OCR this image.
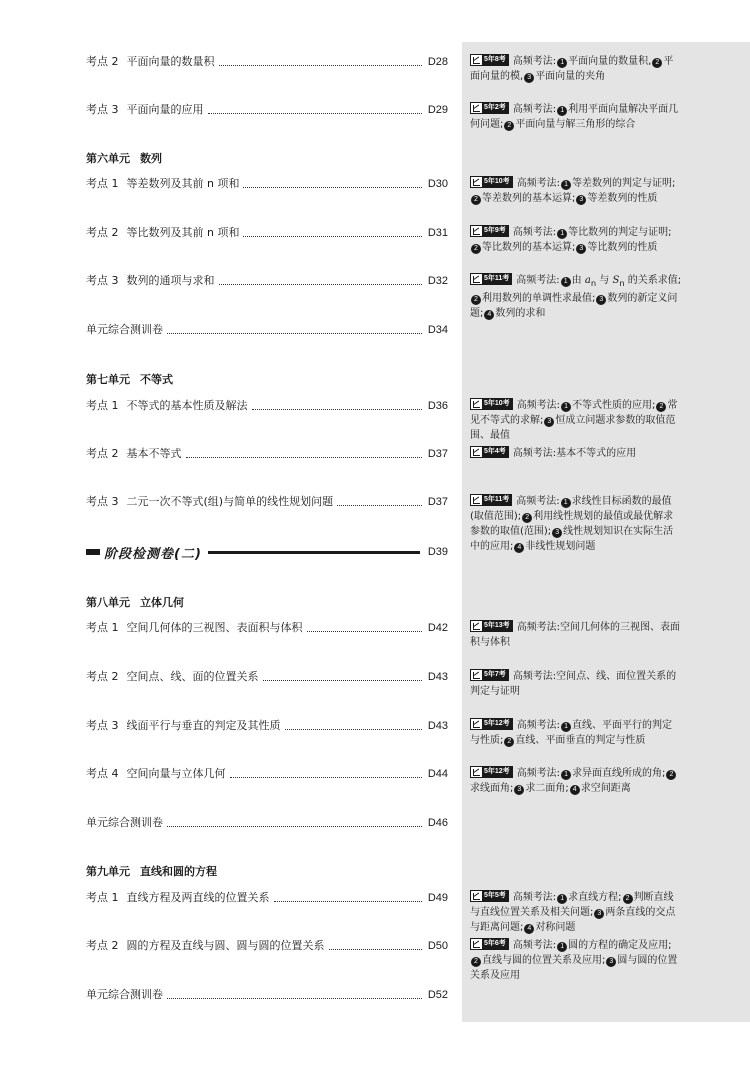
考点 2 平面向量的数量积	D28
考点 3 平面向量的应用	D29
第六单元 数列
考点 1 等差数列及其前 n 项和	D30
考点 2 等比数列及其前 n 项和	D31
考点 3 数列的通项与求和	D32
单元综合测训卷	D34
第七单元 不等式
考点 1 不等式的基本性质及解法	D36
考点 2 基本不等式	D37
考点 3 二元一次不等式(组)与简单的线性规划问题	D37
阶段检测卷(二)	D39
第八单元 立体几何
考点 1 空间几何体的三视图、表面积与体积	D42
考点 2 空间点、线、面的位置关系	D43
考点 3 线面平行与垂直的判定及其性质	D43
考点 4 空间向量与立体几何	D44
单元综合测训卷	D46
第九单元 直线和圆的方程
考点 1 直线方程及两直线的位置关系	D49
考点 2 圆的方程及直线与圆、圆与圆的位置关系	D50
单元综合测训卷	D52
5年8考 高频考法: 1 平面向量的数量积, 2 平面向量的模, 3 平面向量的夹角
5年2考 高频考法: 1 利用平面向量解决平面几何问题; 2 平面向量与解三角形的综合
5年10考 高频考法: 1 等差数列的判定与证明;2 等差数列的基本运算; 3 等差数列的性质
5年9考 高频考法: 1 等比数列的判定与证明;2 等比数列的基本运算; 3 等比数列的性质
5年11考 高频考法: 1 由 $a_n$ 与 $S_n$ 的关系求值;2 利用数列的单调性求最值; 3 数列的新定义问题; 4 数列的求和
5年10考 高频考法: 1 不等式性质的应用; 2 常见不等式的求解; 3 恒成立问题求参数的取值范围、最值
5年4考 高频考法:基本不等式的应用
5年11考 高频考法: 1 求线性目标函数的最值(取值范围); 2 利用线性规划的最值或最优解求参数的取值(范围); 3 线性规划知识在实际生活中的应用; 4 非线性规划问题
5年13考 高频考法:空间几何体的三视图、表面积与体积
5年7考 高频考法:空间点、线、面位置关系的判定与证明
5年12考 高频考法: 1 直线、平面平行的判定与性质; 2 直线、平面垂直的判定与性质
5年12考 高频考法: 1 求异面直线所成的角; 2求线面角; 3 求二面角; 4 求空间距离
5年5考 高频考法: 1 求直线方程; 2 判断直线与直线位置关系及相关问题; 3 两条直线的交点与距离问题; 4 对称问题
5年6考 高频考法: 1 圆的方程的确定及应用;2 直线与圆的位置关系及应用; 3 圆与圆的位置关系及应用
